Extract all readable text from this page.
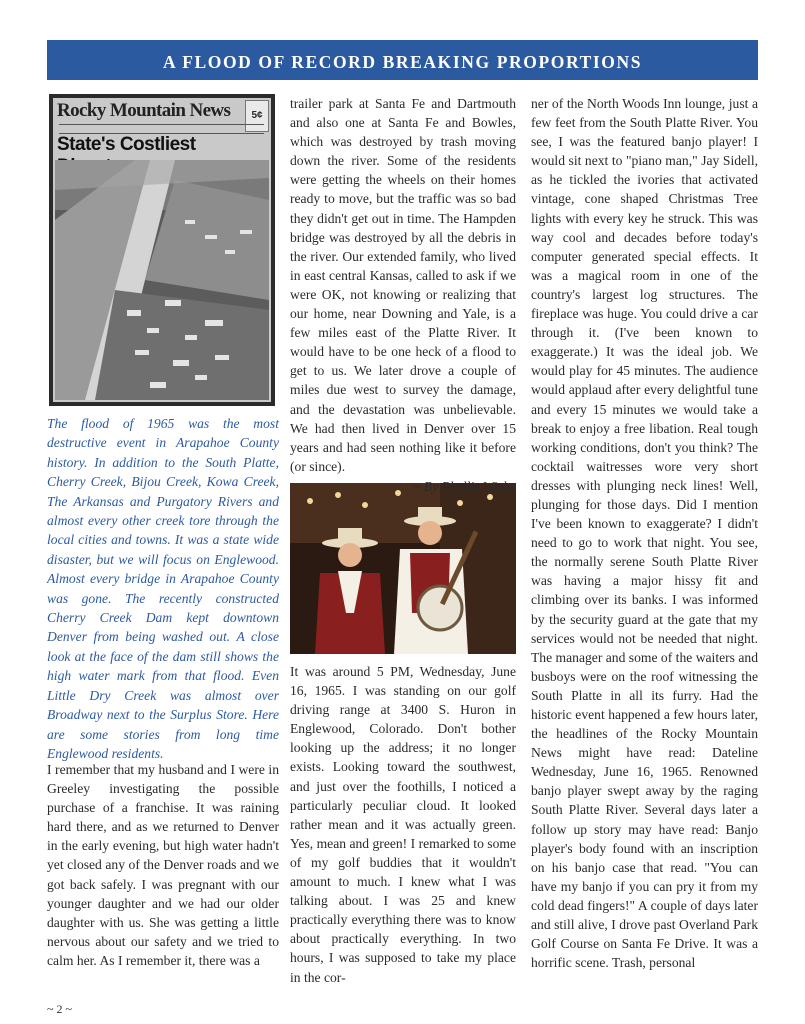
A FLOOD OF RECORD BREAKING PROPORTIONS
Rocky Mountain News	5¢
State's Costliest
The flood of 1965 was the most destructive event in Arapahoe County history. In addition to the South Platte, Cherry Creek, Bijou Creek, Kowa Creek, The Arkansas and Purgatory Rivers and almost every other creek tore through the local cities and towns. It was a state wide disaster, but we will focus on Englewood. Almost every bridge in Arapahoe County was gone. The recently constructed Cherry Creek Dam kept downtown Denver from being washed out. A close look at the face of the dam still shows the high water mark from that flood. Even Little Dry Creek was almost over Broadway next to the Surplus Store. Here are some stories from long time Englewood residents.

I remember that my husband and I were in Greeley investigating the possible purchase of a franchise. It was raining hard there, and as we returned to Denver in the early evening, but high water hadn't yet closed any of the Denver roads and we got back safely. I was pregnant with our younger daughter and we had our older daughter with us. She was getting a little nervous about our safety and we tried to calm her. As I remember it, there was a

trailer park at Santa Fe and Dartmouth and also one at Santa Fe and Bowles, which was destroyed by trash moving down the river. Some of the residents were getting the wheels on their homes ready to move, but the traffic was so bad they didn't get out in time. The Hampden bridge was destroyed by all the debris in the river. Our extended family, who lived in east central Kansas, called to ask if we were OK, not knowing or realizing that our home, near Downing and Yale, is a few miles east of the Platte River. It would have to be one heck of a flood to get to us. We later drove a couple of miles due west to survey the damage, and the devastation was unbelievable. We had then lived in Denver over 15 years and had seen nothing like it before (or since).

~ By Phyllis Wiebe

It was around 5 PM, Wednesday, June 16, 1965. I was standing on our golf driving range at 3400 S. Huron in Englewood, Colorado. Don't bother looking up the address; it no longer exists. Looking toward the southwest, and just over the foothills, I noticed a particularly peculiar cloud. It looked rather mean and it was actually green. Yes, mean and green! I remarked to some of my golf buddies that it wouldn't amount to much. I knew what I was talking about. I was 25 and knew practically everything there was to know about practically everything. In two hours, I was supposed to take my place in the cor-

ner of the North Woods Inn lounge, just a few feet from the South Platte River. You see, I was the featured banjo player! I would sit next to "piano man," Jay Sidell, as he tickled the ivories that activated vintage, cone shaped Christmas Tree lights with every key he struck. This was way cool and decades before today's computer generated special effects. It was a magical room in one of the country's largest log structures. The fireplace was huge. You could drive a car through it. (I've been known to exaggerate.) It was the ideal job. We would play for 45 minutes. The audience would applaud after every delightful tune and every 15 minutes we would take a break to enjoy a free libation. Real tough working conditions, don't you think? The cocktail waitresses wore very short dresses with plunging neck lines! Well, plunging for those days. Did I mention I've been known to exaggerate? I didn't need to go to work that night. You see, the normally serene South Platte River was having a major hissy fit and climbing over its banks. I was informed by the security guard at the gate that my services would not be needed that night. The manager and some of the waiters and busboys were on the roof witnessing the South Platte in all its furry. Had the historic event happened a few hours later, the headlines of the Rocky Mountain News might have read: Dateline Wednesday, June 16, 1965. Renowned banjo player swept away by the raging South Platte River. Several days later a follow up story may have read: Banjo player's body found with an inscription on his banjo case that read. "You can have my banjo if you can pry it from my cold dead fingers!" A couple of days later and still alive, I drove past Overland Park Golf Course on Santa Fe Drive. It was a horrific scene. Trash, personal

~ 2 ~
